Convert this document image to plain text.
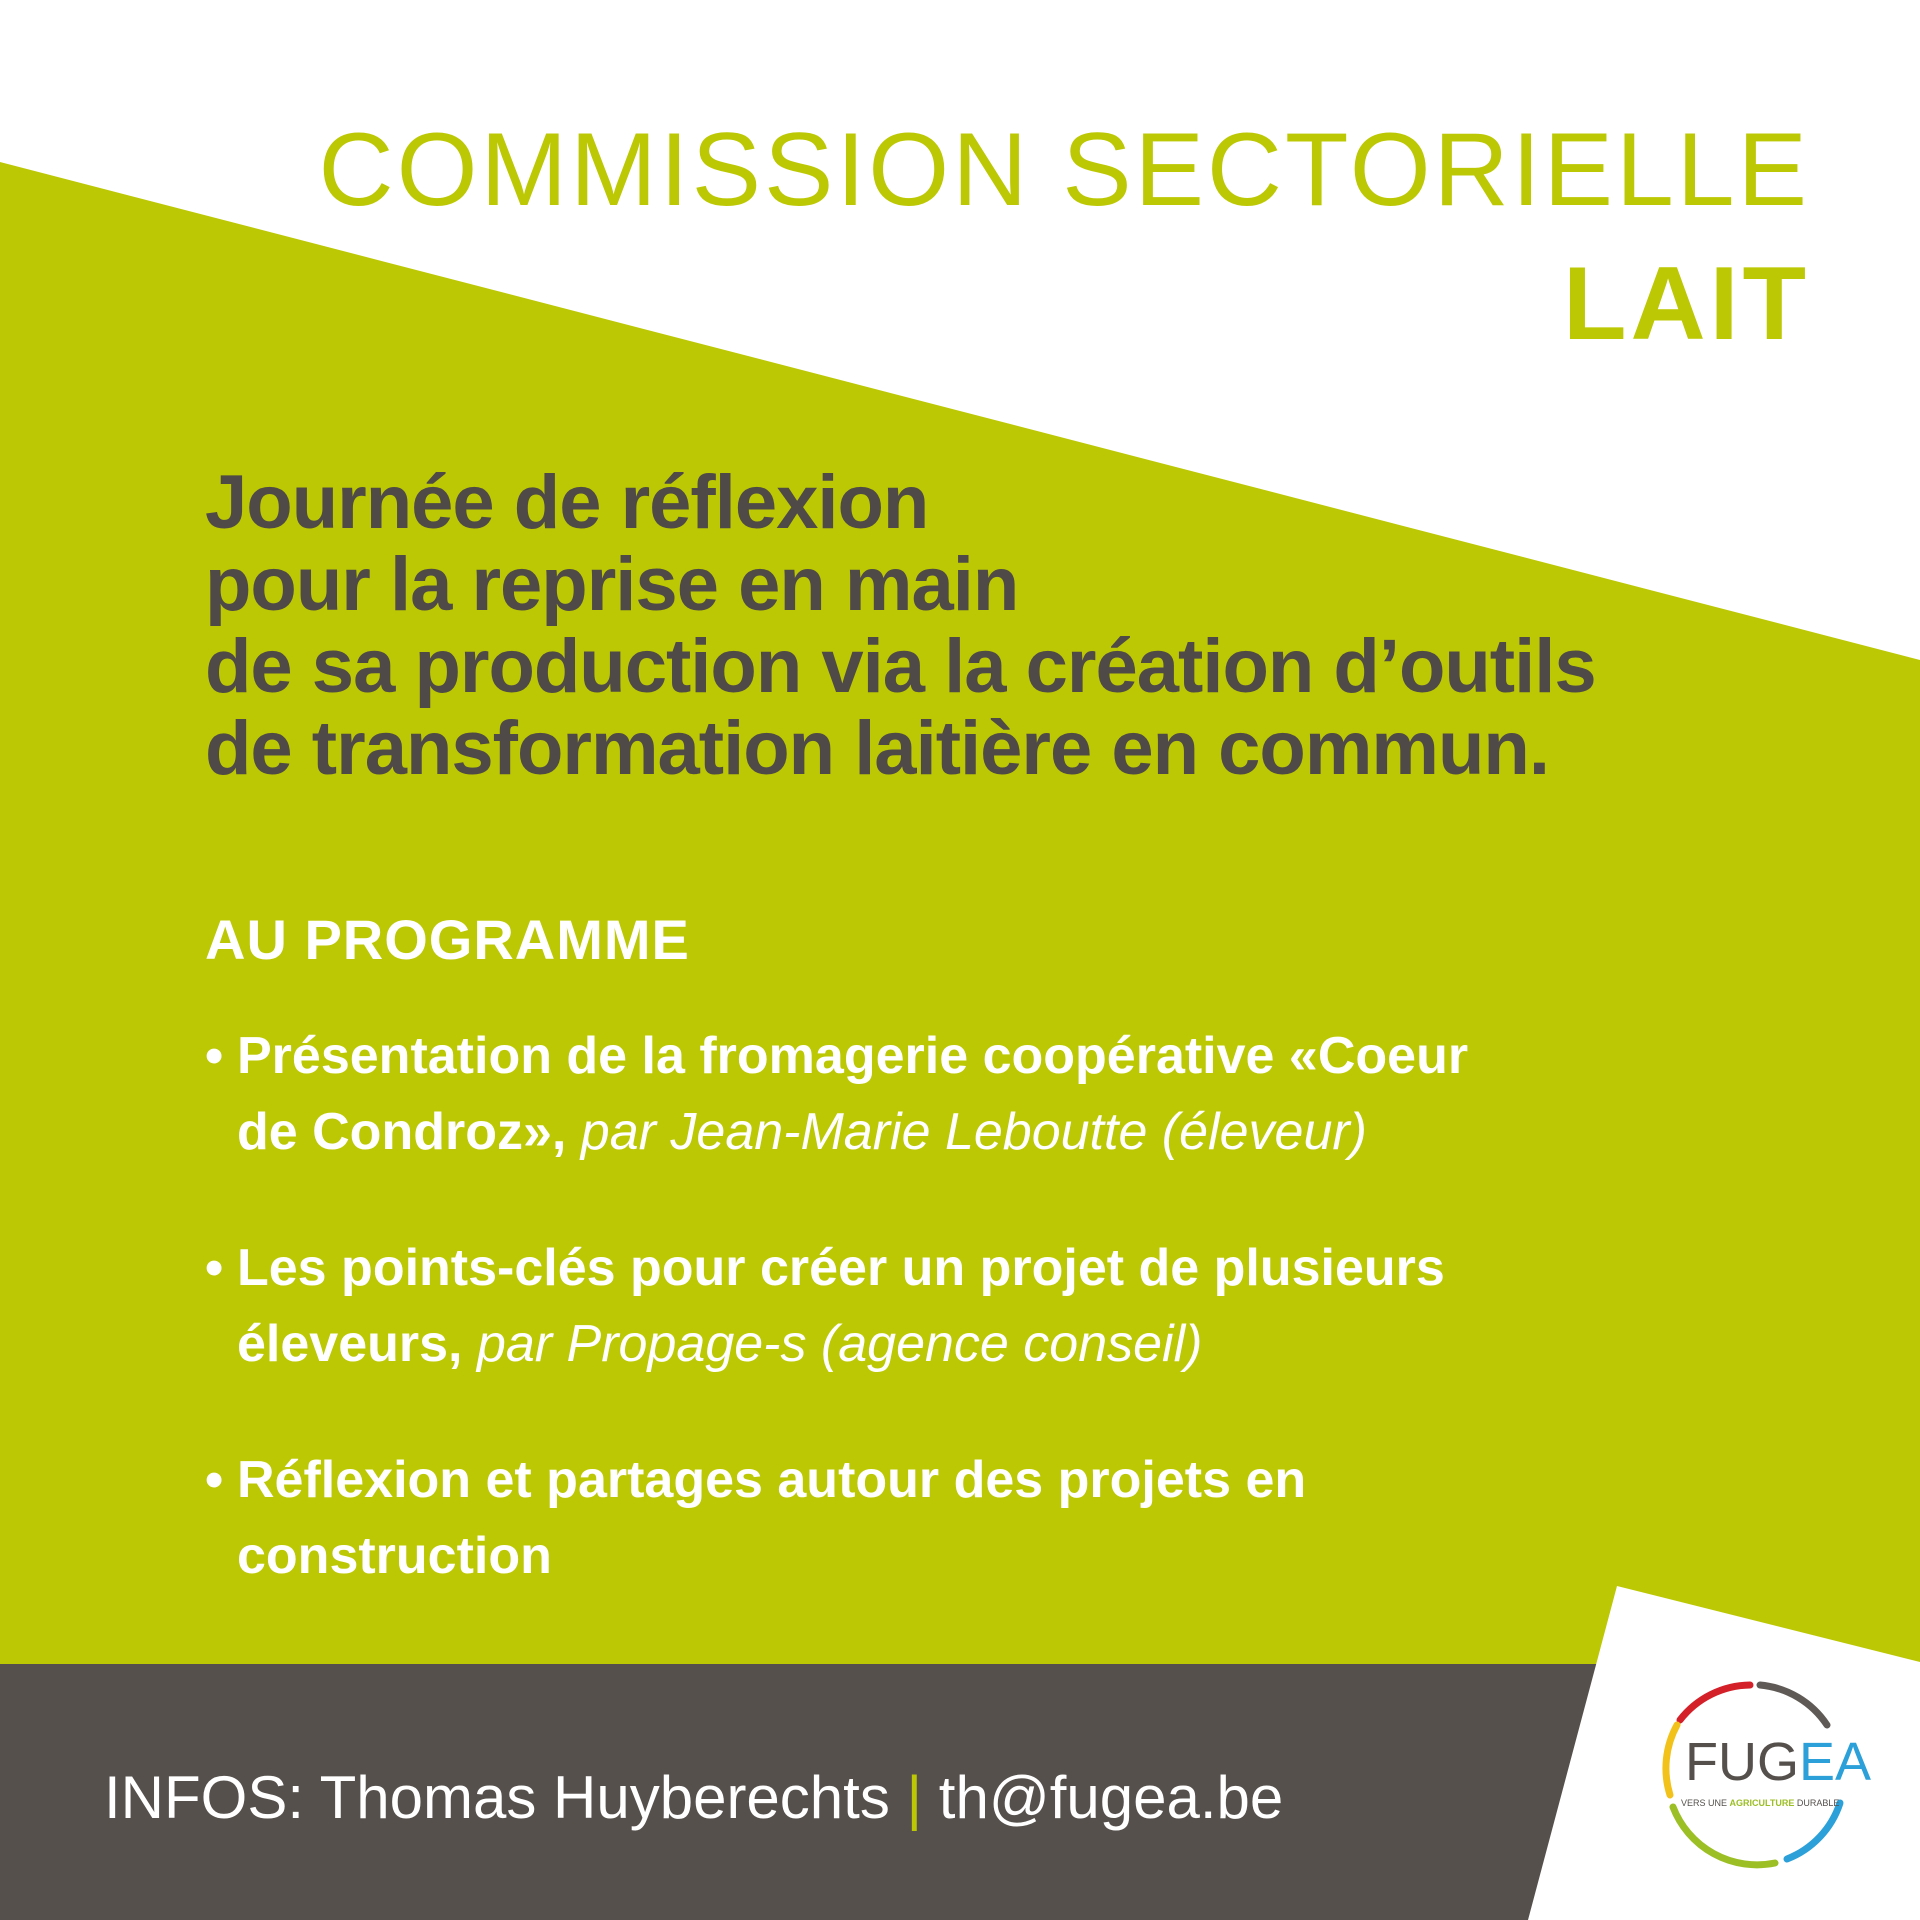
COMMISSION SECTORIELLE
LAIT
Journée de réflexion
pour la reprise en main
de sa production via la création d’outils
de transformation laitière en commun.
AU PROGRAMME
• Présentation de la fromagerie coopérative «Coeur
de Condroz», par Jean-Marie Leboutte (éleveur)
• Les points-clés pour créer un projet de plusieurs
éleveurs, par Propage-s (agence conseil)
• Réflexion et partages autour des projets en
construction

INFOS: Thomas Huyberechts | th@fugea.be

FUGEA

VERS UNE AGRICULTURE DURABLE
